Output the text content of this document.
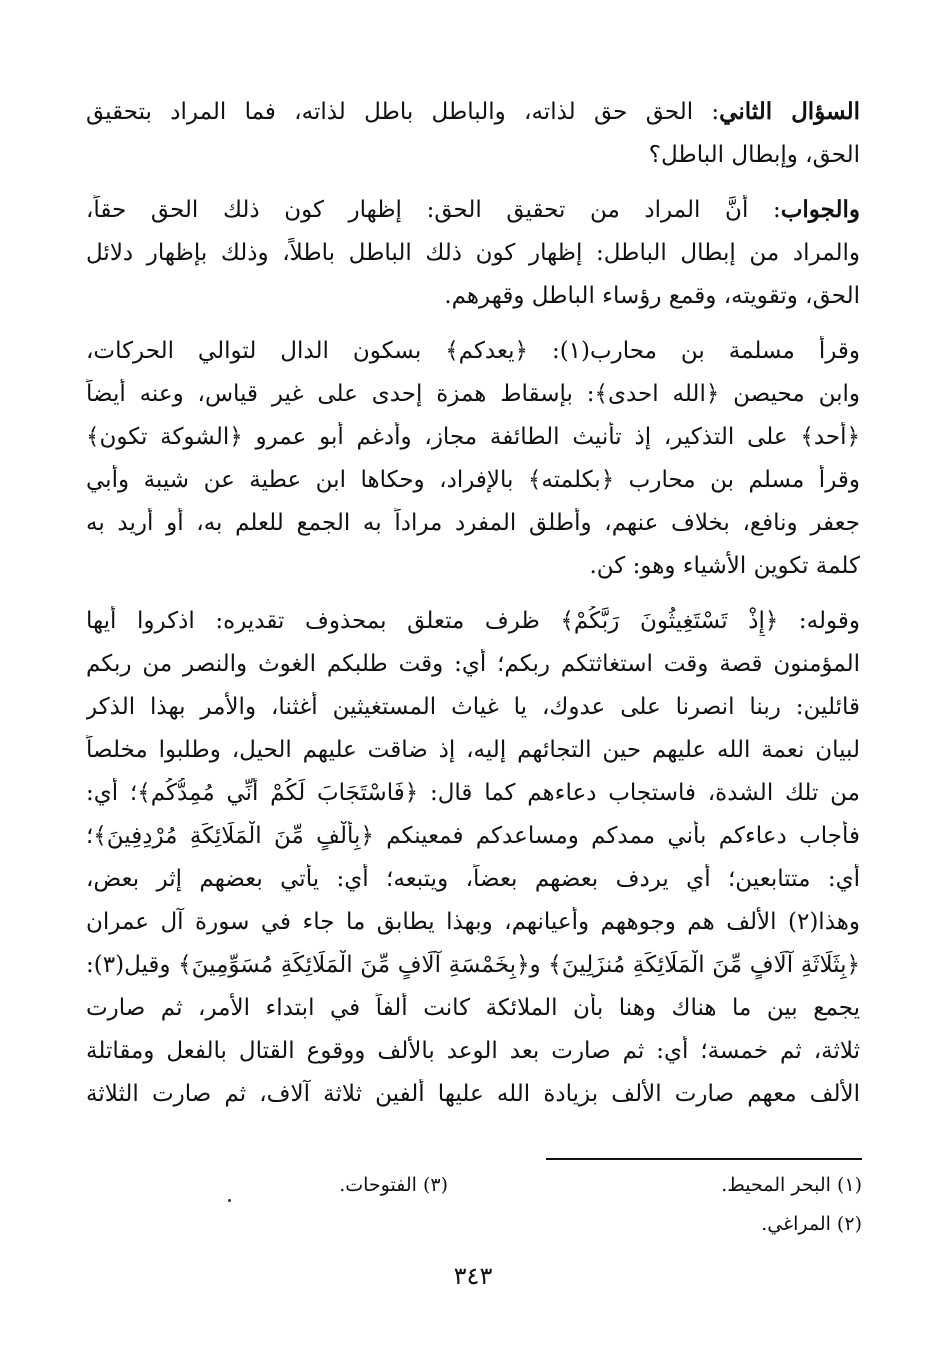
السؤال الثاني: الحق حق لذاته، والباطل باطل لذاته، فما المراد بتحقيق
الحق، وإبطال الباطل؟
والجواب: أنَّ المراد من تحقيق الحق: إظهار كون ذلك الحق حقاً،
والمراد من إبطال الباطل: إظهار كون ذلك الباطل باطلاً، وذلك بإظهار دلائل
الحق، وتقويته، وقمع رؤساء الباطل وقهرهم.
وقرأ مسلمة بن محارب(١): ﴿يعدكم﴾ بسكون الدال لتوالي الحركات،
وابن محيصن ﴿الله احدى﴾: بإسقاط همزة إحدى على غير قياس، وعنه أيضاً
﴿أحد﴾ على التذكير، إذ تأنيث الطائفة مجاز، وأدغم أبو عمرو ﴿الشوكة تكون﴾
وقرأ مسلم بن محارب ﴿بكلمته﴾ بالإفراد، وحكاها ابن عطية عن شيبة وأبي
جعفر ونافع، بخلاف عنهم، وأطلق المفرد مراداً به الجمع للعلم به، أو أريد به
كلمة تكوين الأشياء وهو: كن.
وقوله: ﴿إِذْ تَسْتَغِيثُونَ رَبَّكُمْ﴾ ظرف متعلق بمحذوف تقديره: اذكروا أيها
المؤمنون قصة وقت استغاثتكم ربكم؛ أي: وقت طلبكم الغوث والنصر من ربكم
قائلين: ربنا انصرنا على عدوك، يا غياث المستغيثين أغثنا، والأمر بهذا الذكر
لبيان نعمة الله عليهم حين التجائهم إليه، إذ ضاقت عليهم الحيل، وطلبوا مخلصاً
من تلك الشدة، فاستجاب دعاءهم كما قال: ﴿فَاسْتَجَابَ لَكُمْ أَنِّي مُمِدُّكُم﴾؛ أي:
فأجاب دعاءكم بأني ممدكم ومساعدكم فمعينكم ﴿بِأَلْفٍ مِّنَ الْمَلَائِكَةِ مُرْدِفِينَ﴾؛
أي: متتابعين؛ أي يردف بعضهم بعضاً، ويتبعه؛ أي: يأتي بعضهم إثر بعض،
وهذا(٢) الألف هم وجوههم وأعيانهم، وبهذا يطابق ما جاء في سورة آل عمران
﴿بِثَلَاثَةِ آلَافٍ مِّنَ الْمَلَائِكَةِ مُنزَلِينَ﴾ و﴿بِخَمْسَةِ آلَافٍ مِّنَ الْمَلَائِكَةِ مُسَوِّمِينَ﴾ وقيل(٣):
يجمع بين ما هناك وهنا بأن الملائكة كانت ألفاً في ابتداء الأمر، ثم صارت
ثلاثة، ثم خمسة؛ أي: ثم صارت بعد الوعد بالألف ووقوع القتال بالفعل ومقاتلة
الألف معهم صارت الألف بزيادة الله عليها ألفين ثلاثة آلاف، ثم صارت الثلاثة
(١) البحر المحيط.
(٣) الفتوحات.
(٢) المراغي.
٣٤٣
